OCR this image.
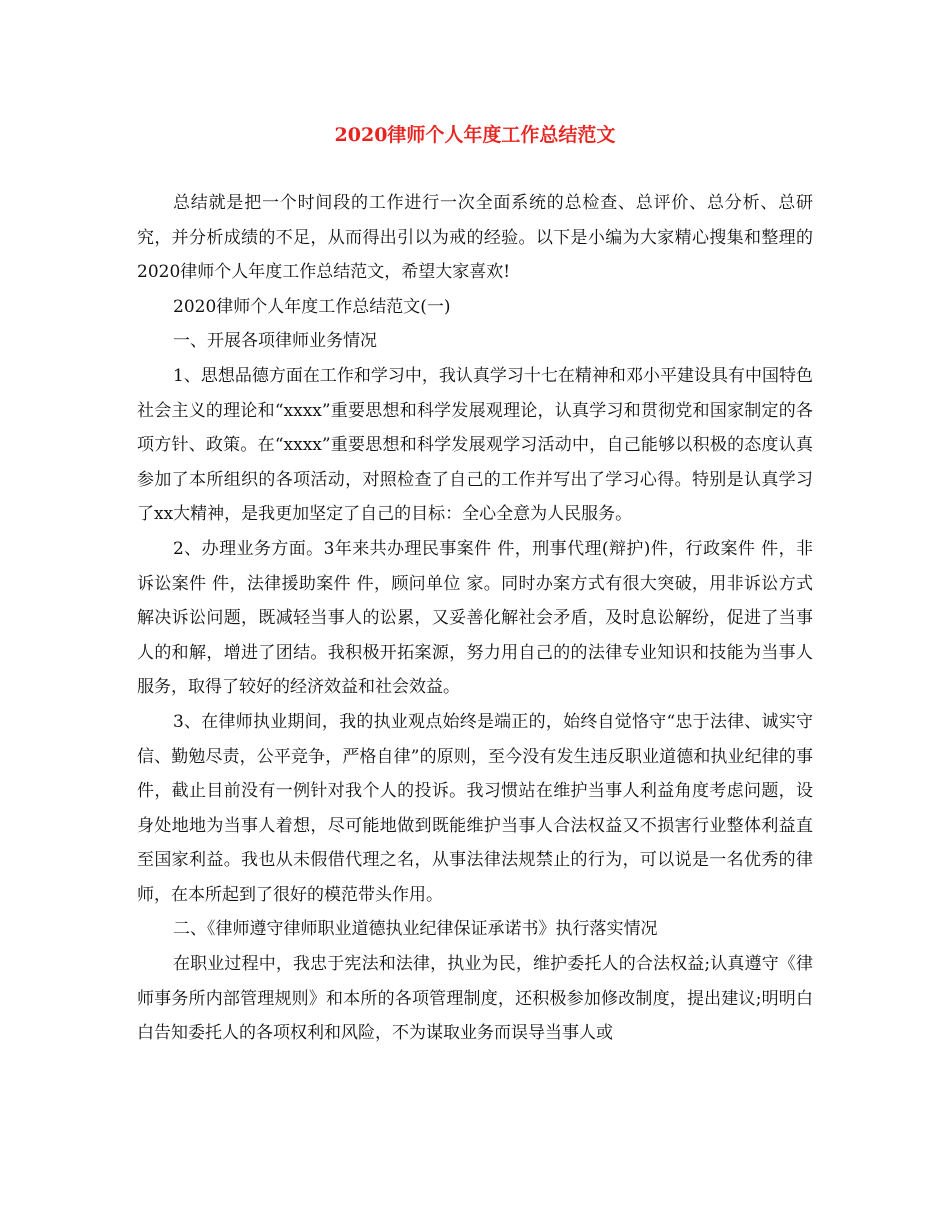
2020律师个人年度工作总结范文

总结就是把一个时间段的工作进行一次全面系统的总检查、总评价、总分析、总研究，并分析成绩的不足，从而得出引以为戒的经验。以下是小编为大家精心搜集和整理的2020律师个人年度工作总结范文，希望大家喜欢!

2020律师个人年度工作总结范文(一)

一、开展各项律师业务情况

1、思想品德方面在工作和学习中，我认真学习十七在精神和邓小平建设具有中国特色社会主义的理论和“xxxx”重要思想和科学发展观理论，认真学习和贯彻党和国家制定的各项方针、政策。在“xxxx”重要思想和科学发展观学习活动中，自己能够以积极的态度认真参加了本所组织的各项活动，对照检查了自己的工作并写出了学习心得。特别是认真学习了xx大精神，是我更加坚定了自己的目标：全心全意为人民服务。

2、办理业务方面。3年来共办理民事案件 件，刑事代理(辩护)件，行政案件 件，非诉讼案件 件，法律援助案件 件，顾问单位 家。同时办案方式有很大突破，用非诉讼方式解决诉讼问题，既减轻当事人的讼累，又妥善化解社会矛盾，及时息讼解纷，促进了当事人的和解，增进了团结。我积极开拓案源，努力用自己的的法律专业知识和技能为当事人服务，取得了较好的经济效益和社会效益。

3、在律师执业期间，我的执业观点始终是端正的，始终自觉恪守“忠于法律、诚实守信、勤勉尽责，公平竞争，严格自律”的原则，至今没有发生违反职业道德和执业纪律的事件，截止目前没有一例针对我个人的投诉。我习惯站在维护当事人利益角度考虑问题，设身处地地为当事人着想，尽可能地做到既能维护当事人合法权益又不损害行业整体利益直至国家利益。我也从未假借代理之名，从事法律法规禁止的行为，可以说是一名优秀的律师，在本所起到了很好的模范带头作用。

二、《律师遵守律师职业道德执业纪律保证承诺书》执行落实情况

在职业过程中，我忠于宪法和法律，执业为民，维护委托人的合法权益;认真遵守《律师事务所内部管理规则》和本所的各项管理制度，还积极参加修改制度，提出建议;明明白白告知委托人的各项权利和风险，不为谋取业务而误导当事人或
